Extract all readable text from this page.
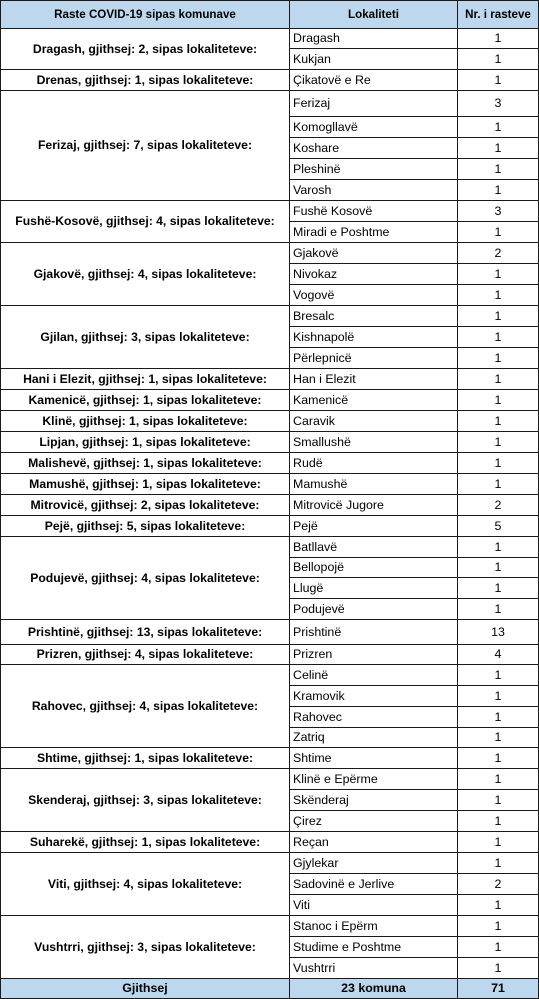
Raste COVID-19 sipas komunave	Lokaliteti	Nr. i rasteve
Dragash, gjithsej: 2, sipas lokaliteteve:	Dragash	1
	Kukjan	1
Drenas, gjithsej: 1, sipas lokaliteteve:	Çikatovë e Re	1
Ferizaj, gjithsej: 7, sipas lokaliteteve:	Ferizaj	3
	Komogllavë	1
	Koshare	1
	Pleshinë	1
	Varosh	1
Fushë-Kosovë, gjithsej: 4, sipas lokaliteteve:	Fushë Kosovë	3
	Miradi e Poshtme	1
Gjakovë, gjithsej: 4, sipas lokaliteteve:	Gjakovë	2
	Nivokaz	1
	Vogovë	1
Gjilan, gjithsej: 3, sipas lokaliteteve:	Bresalc	1
	Kishnapolë	1
	Përlepnicë	1
Hani i Elezit, gjithsej: 1, sipas lokaliteteve:	Han i Elezit	1
Kamenicë, gjithsej: 1, sipas lokaliteteve:	Kamenicë	1
Klinë, gjithsej: 1, sipas lokaliteteve:	Caravik	1
Lipjan, gjithsej: 1, sipas lokaliteteve:	Smallushë	1
Malishevë, gjithsej: 1, sipas lokaliteteve:	Rudë	1
Mamushë, gjithsej: 1, sipas lokaliteteve:	Mamushë	1
Mitrovicë, gjithsej: 2, sipas lokaliteteve:	Mitrovicë Jugore	2
Pejë, gjithsej: 5, sipas lokaliteteve:	Pejë	5
Podujevë, gjithsej: 4, sipas lokaliteteve:	Batllavë	1
	Bellopojë	1
	Llugë	1
	Podujevë	1
Prishtinë, gjithsej: 13, sipas lokaliteteve:	Prishtinë	13
Prizren, gjithsej: 4, sipas lokaliteteve:	Prizren	4
Rahovec, gjithsej: 4, sipas lokaliteteve:	Celinë	1
	Kramovik	1
	Rahovec	1
	Zatriq	1
Shtime, gjithsej: 1, sipas lokaliteteve:	Shtime	1
Skenderaj, gjithsej: 3, sipas lokaliteteve:	Klinë e Epërme	1
	Skënderaj	1
	Çirez	1
Suharekë, gjithsej: 1, sipas lokaliteteve:	Reçan	1
Viti, gjithsej: 4, sipas lokaliteteve:	Gjylekar	1
	Sadovinë e Jerlive	2
	Viti	1
Vushtrri, gjithsej: 3, sipas lokaliteteve:	Stanoc i Epërm	1
	Studime e Poshtme	1
	Vushtrri	1
Gjithsej	23 komuna	71
